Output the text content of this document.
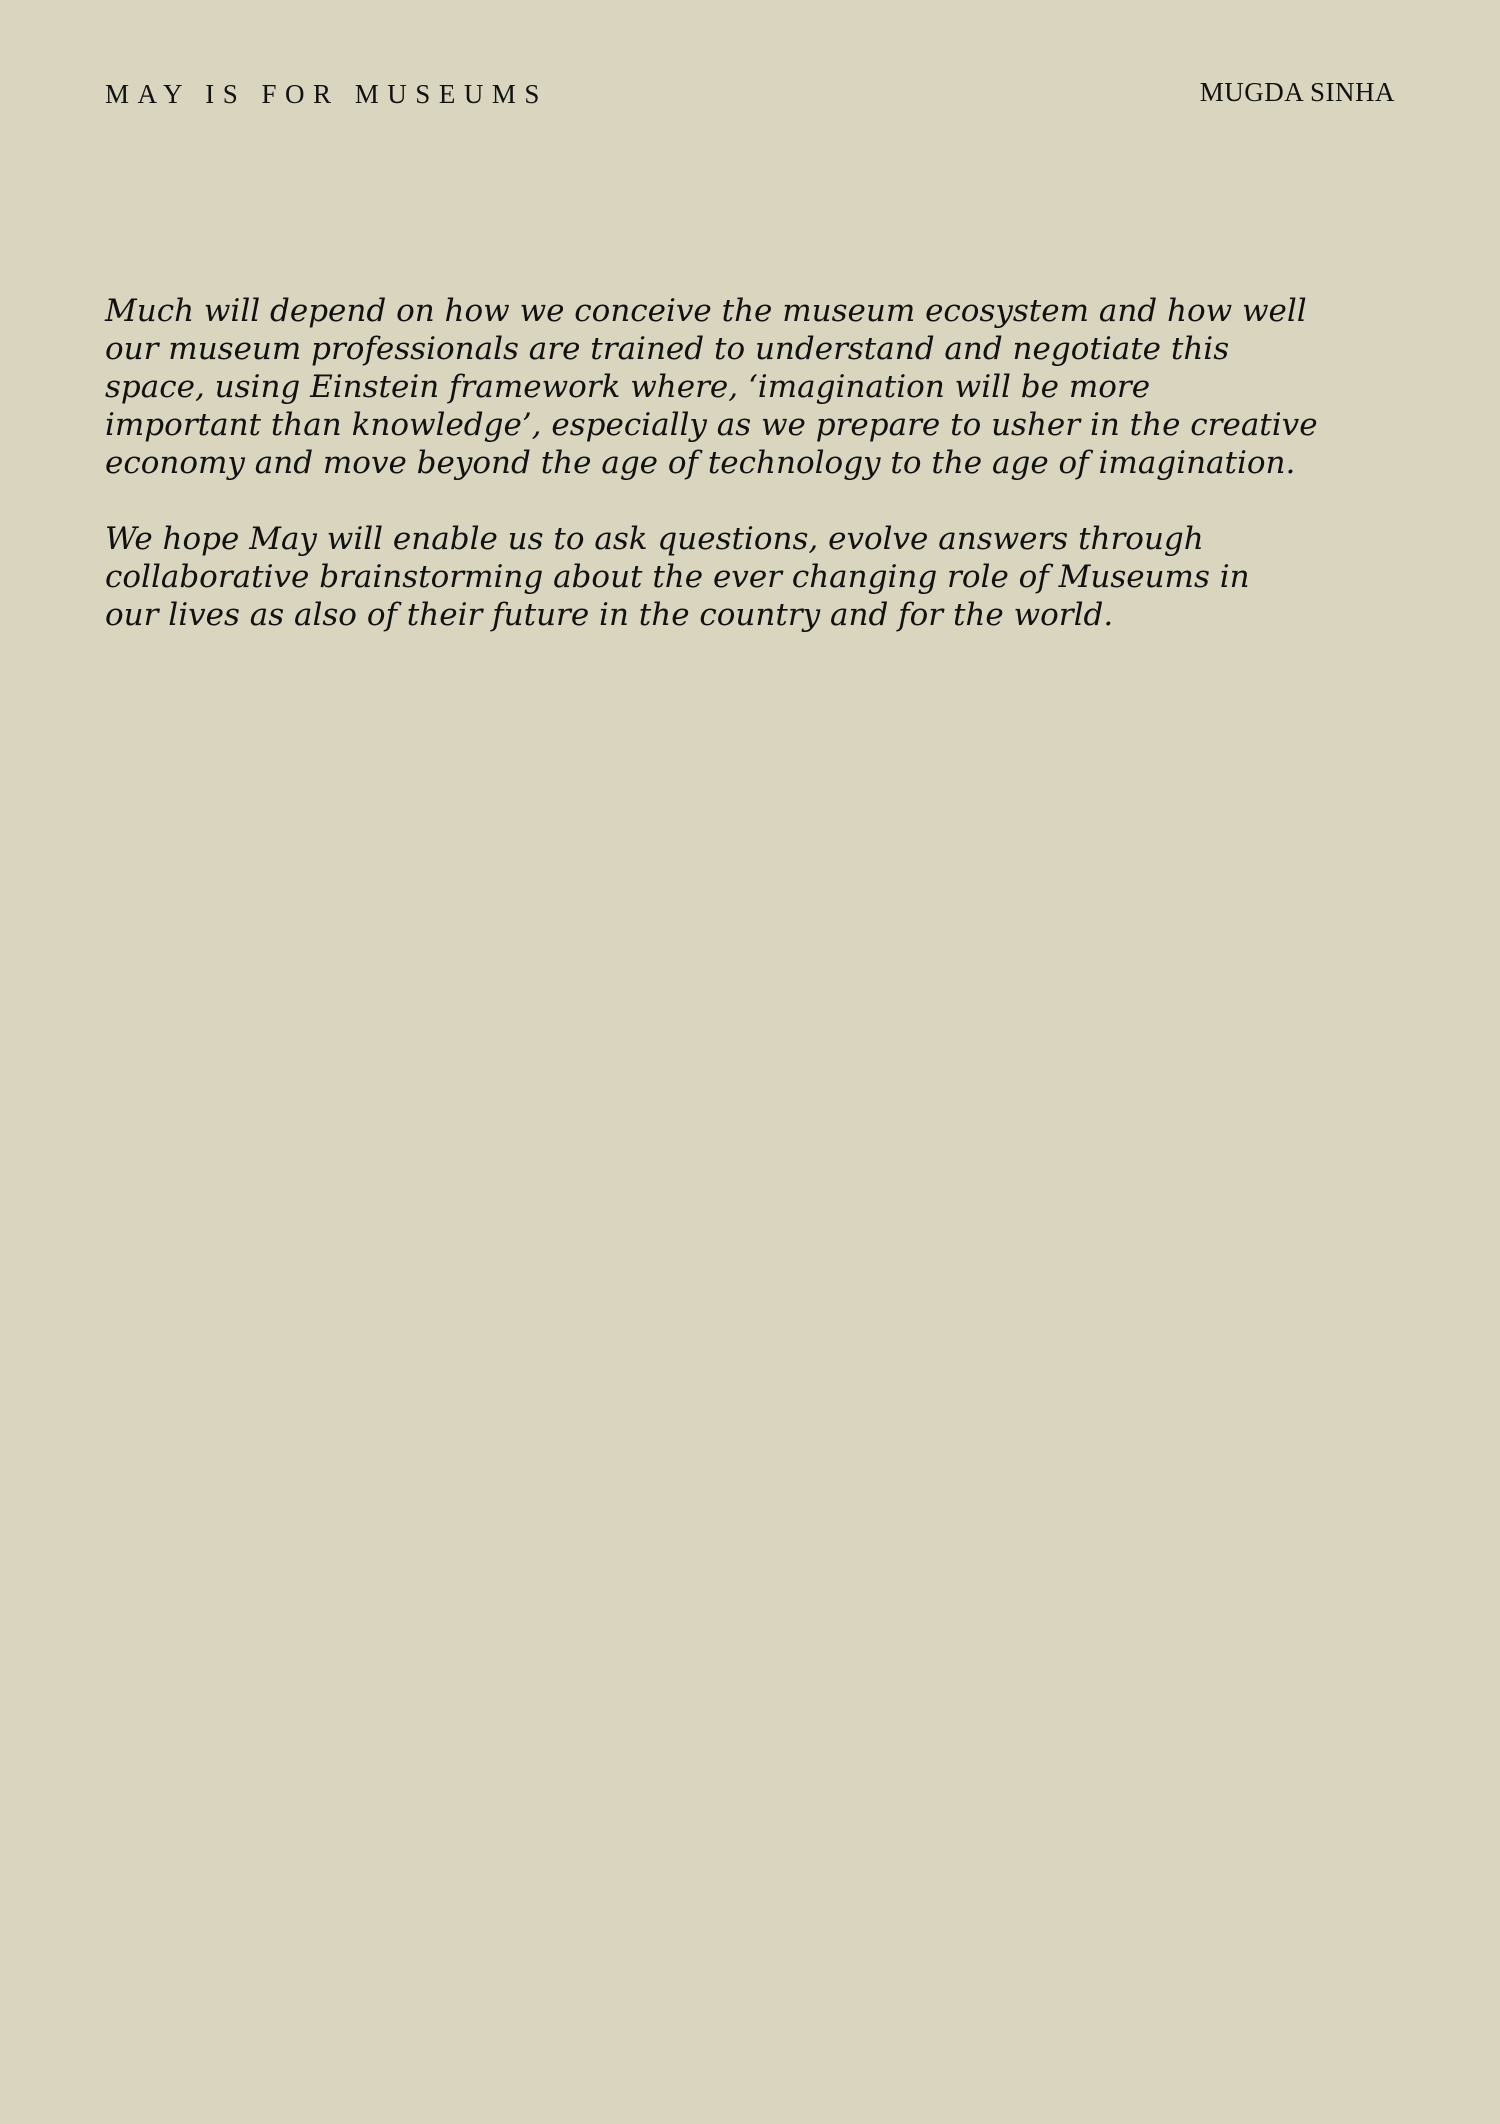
MAY IS FOR MUSEUMS	MUGDA SINHA

Much will depend on how we conceive the museum ecosystem and how well
our museum professionals are trained to understand and negotiate this
space, using Einstein framework where, ‘imagination will be more
important than knowledge’, especially as we prepare to usher in the creative
economy and move beyond the age of technology to the age of imagination.

We hope May will enable us to ask questions, evolve answers through
collaborative brainstorming about the ever changing role of Museums in
our lives as also of their future in the country and for the world.
